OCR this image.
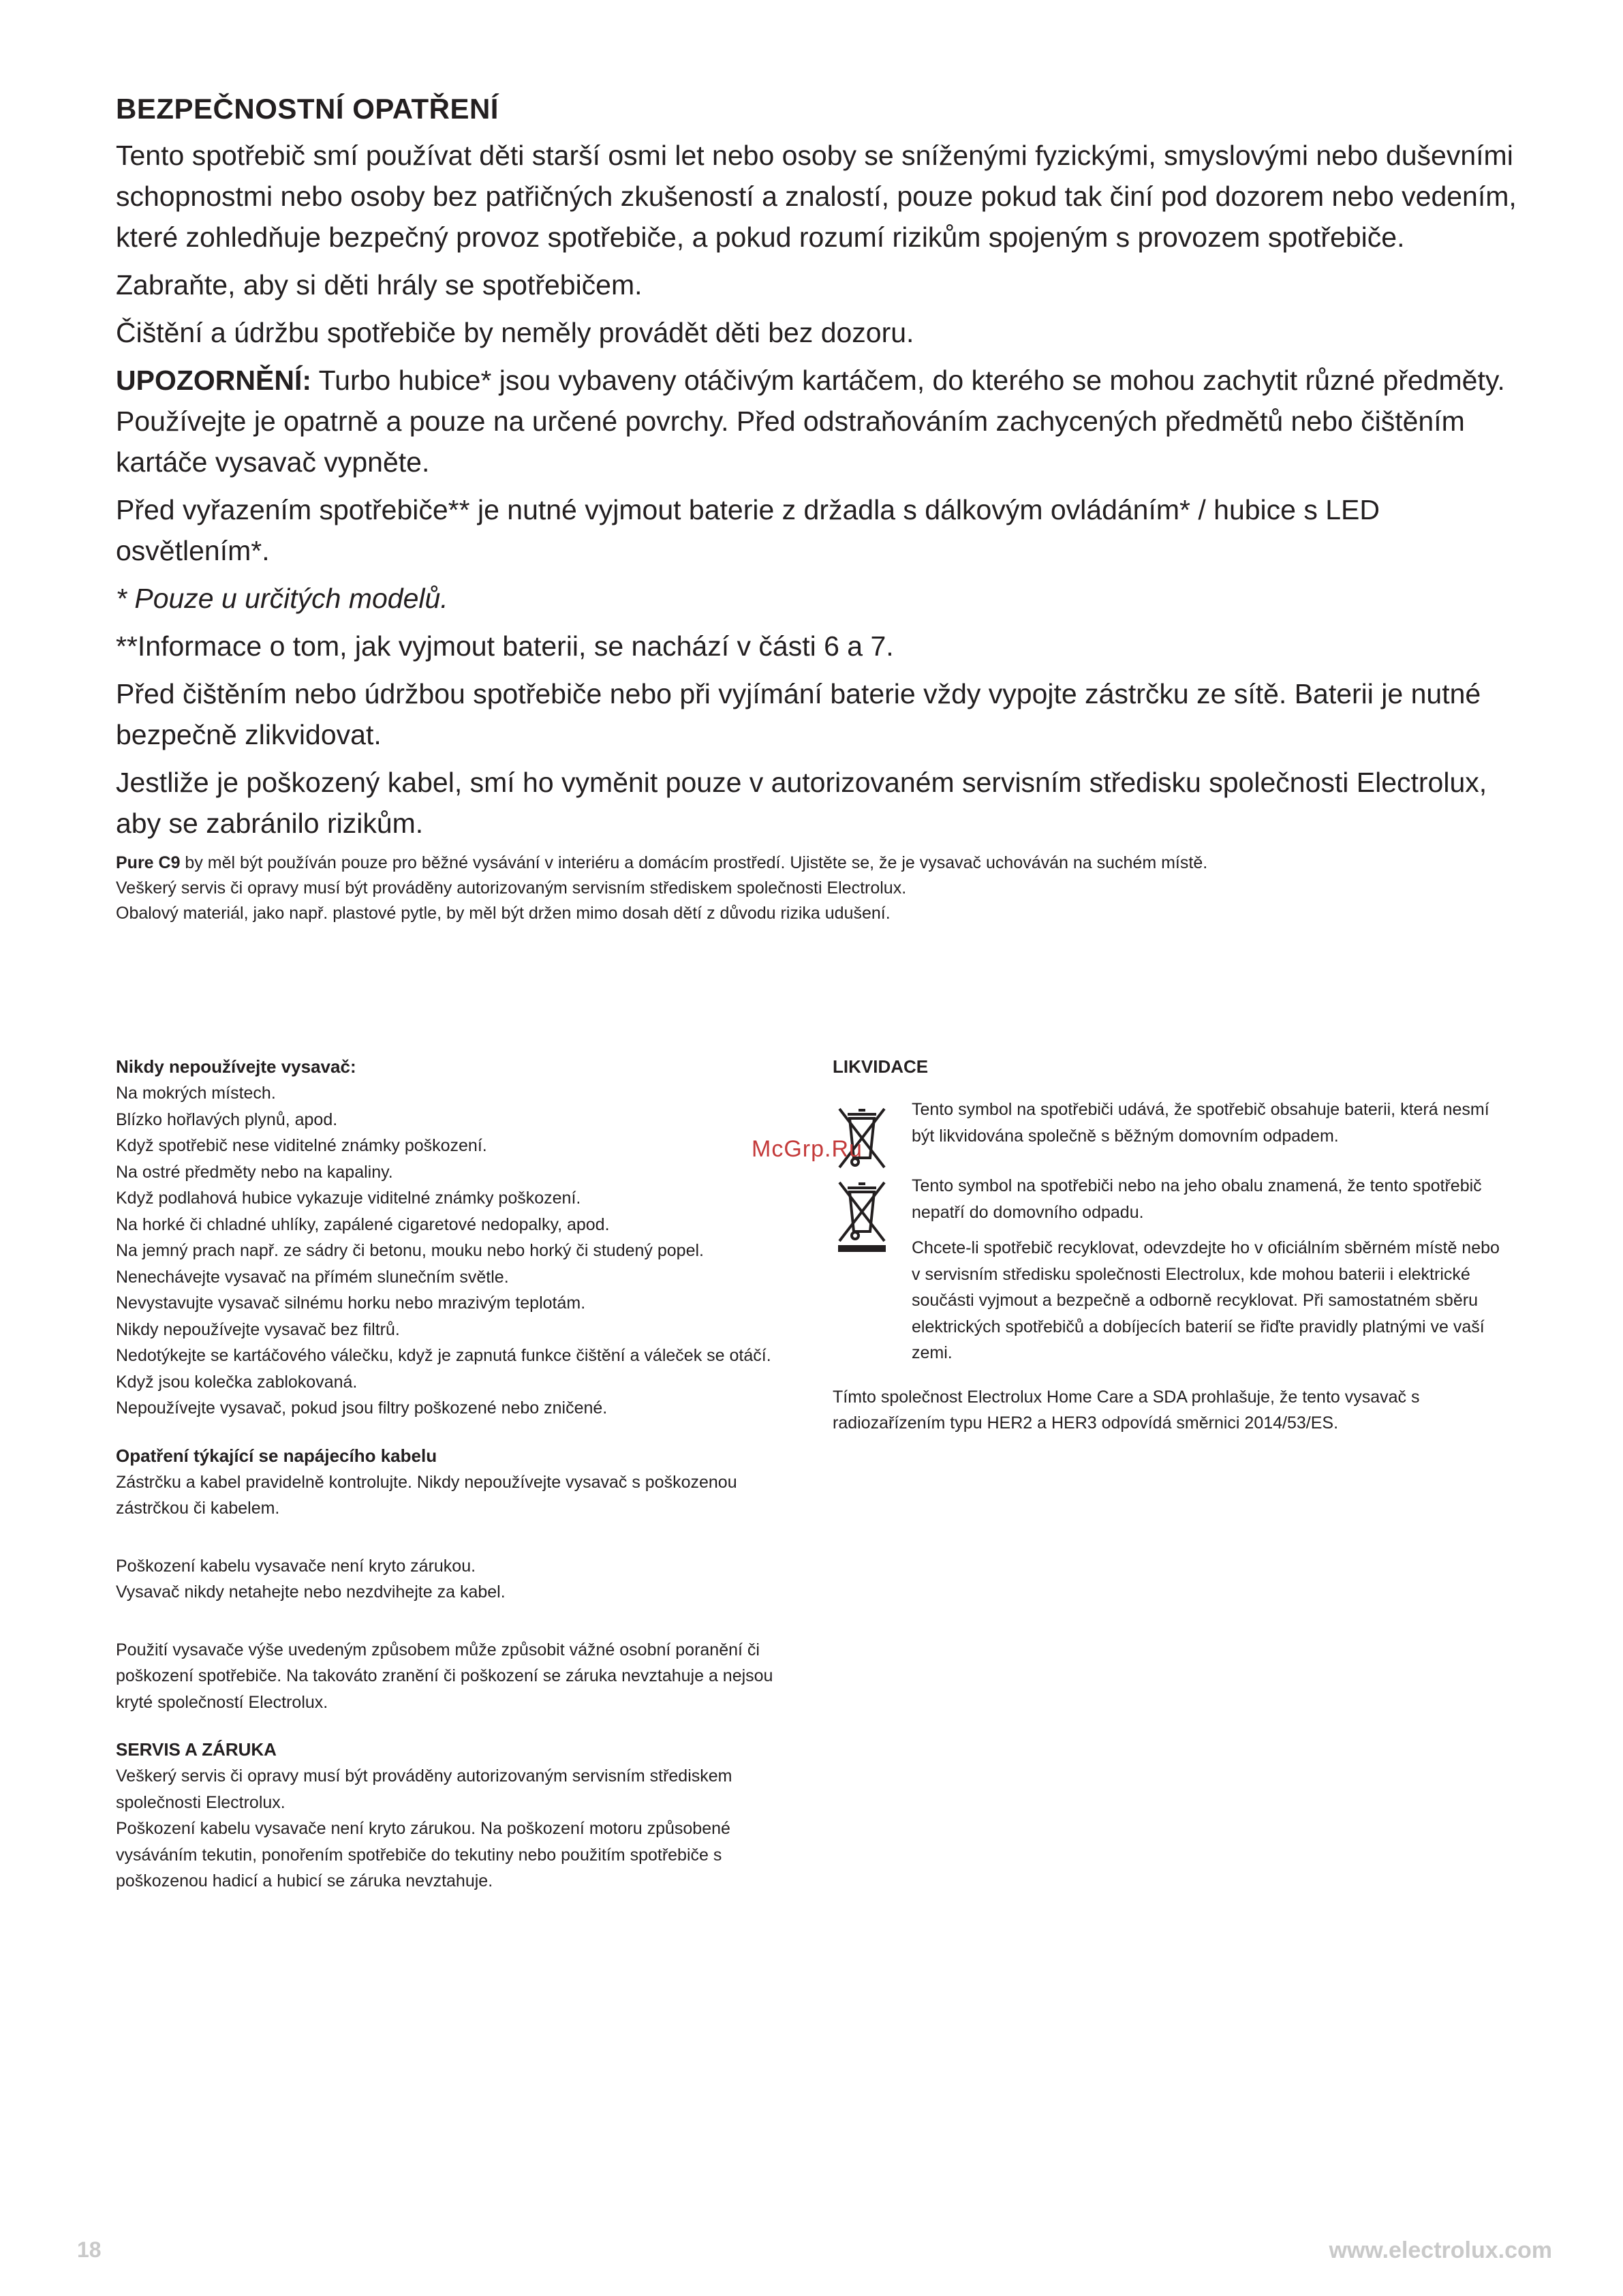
BEZPEČNOSTNÍ OPATŘENÍ

Tento spotřebič smí používat děti starší osmi let nebo osoby se sníženými fyzickými, smyslovými nebo duševními schopnostmi nebo osoby bez patřičných zkušeností a znalostí, pouze pokud tak činí pod dozorem nebo vedením, které zohledňuje bezpečný provoz spotřebiče, a pokud rozumí rizikům spojeným s provozem spotřebiče.

Zabraňte, aby si děti hrály se spotřebičem.

Čištění a údržbu spotřebiče by neměly provádět děti bez dozoru.

UPOZORNĚNÍ: Turbo hubice* jsou vybaveny otáčivým kartáčem, do kterého se mohou zachytit různé předměty. Používejte je opatrně a pouze na určené povrchy. Před odstraňováním zachycených předmětů nebo čištěním kartáče vysavač vypněte.

Před vyřazením spotřebiče** je nutné vyjmout baterie z držadla s dálkovým ovládáním* / hubice s LED osvětlením*.

* Pouze u určitých modelů.

**Informace o tom, jak vyjmout baterii, se nachází v části 6 a 7.

Před čištěním nebo údržbou spotřebiče nebo při vyjímání baterie vždy vypojte zástrčku ze sítě. Baterii je nutné bezpečně zlikvidovat.

Jestliže je poškozený kabel, smí ho vyměnit pouze v autorizovaném servisním středisku společnosti Electrolux, aby se zabránilo rizikům.

Pure C9 by měl být používán pouze pro běžné vysávání v interiéru a domácím prostředí. Ujistěte se, že je vysavač uchováván na suchém místě.

Veškerý servis či opravy musí být prováděny autorizovaným servisním střediskem společnosti Electrolux.

Obalový materiál, jako např. plastové pytle, by měl být držen mimo dosah dětí z důvodu rizika udušení.

Nikdy nepoužívejte vysavač:

Na mokrých místech.

Blízko hořlavých plynů, apod.

Když spotřebič nese viditelné známky poškození.

Na ostré předměty nebo na kapaliny.

Když podlahová hubice vykazuje viditelné známky poškození.

Na horké či chladné uhlíky, zapálené cigaretové nedopalky, apod.

Na jemný prach např. ze sádry či betonu, mouku nebo horký či studený popel.

Nenechávejte vysavač na přímém slunečním světle.

Nevystavujte vysavač silnému horku nebo mrazivým teplotám.

Nikdy nepoužívejte vysavač bez filtrů.

Nedotýkejte se kartáčového válečku, když je zapnutá funkce čištění a váleček se otáčí.

Když jsou kolečka zablokovaná.

Nepoužívejte vysavač, pokud jsou filtry poškozené nebo zničené.

Opatření týkající se napájecího kabelu

Zástrčku a kabel pravidelně kontrolujte. Nikdy nepoužívejte vysavač s poškozenou zástrčkou či kabelem.

Poškození kabelu vysavače není kryto zárukou.

Vysavač nikdy netahejte nebo nezdvihejte za kabel.

Použití vysavače výše uvedeným způsobem může způsobit vážné osobní poranění či poškození spotřebiče. Na takováto zranění či poškození se záruka nevztahuje a nejsou kryté společností Electrolux.

SERVIS A ZÁRUKA

Veškerý servis či opravy musí být prováděny autorizovaným servisním střediskem společnosti Electrolux.

Poškození kabelu vysavače není kryto zárukou. Na poškození motoru způsobené vysáváním tekutin, ponořením spotřebiče do tekutiny nebo použitím spotřebiče s poškozenou hadicí a hubicí se záruka nevztahuje.

LIKVIDACE
Tento symbol na spotřebiči udává, že spotřebič obsahuje baterii, která nesmí být likvidována společně s běžným domovním odpadem.
Tento symbol na spotřebiči nebo na jeho obalu znamená, že tento spotřebič nepatří do domovního odpadu.
Chcete-li spotřebič recyklovat, odevzdejte ho v oficiálním sběrném místě nebo v servisním středisku společnosti Electrolux, kde mohou baterii i elektrické součásti vyjmout a bezpečně a odborně recyklovat. Při samostatném sběru elektrických spotřebičů a dobíjecích baterií se řiďte pravidly platnými ve vaší zemi.

Tímto společnost Electrolux Home Care a SDA prohlašuje, že tento vysavač s radiozařízením typu HER2 a HER3 odpovídá směrnici 2014/53/ES.

McGrp.Ru
18	www.electrolux.com
